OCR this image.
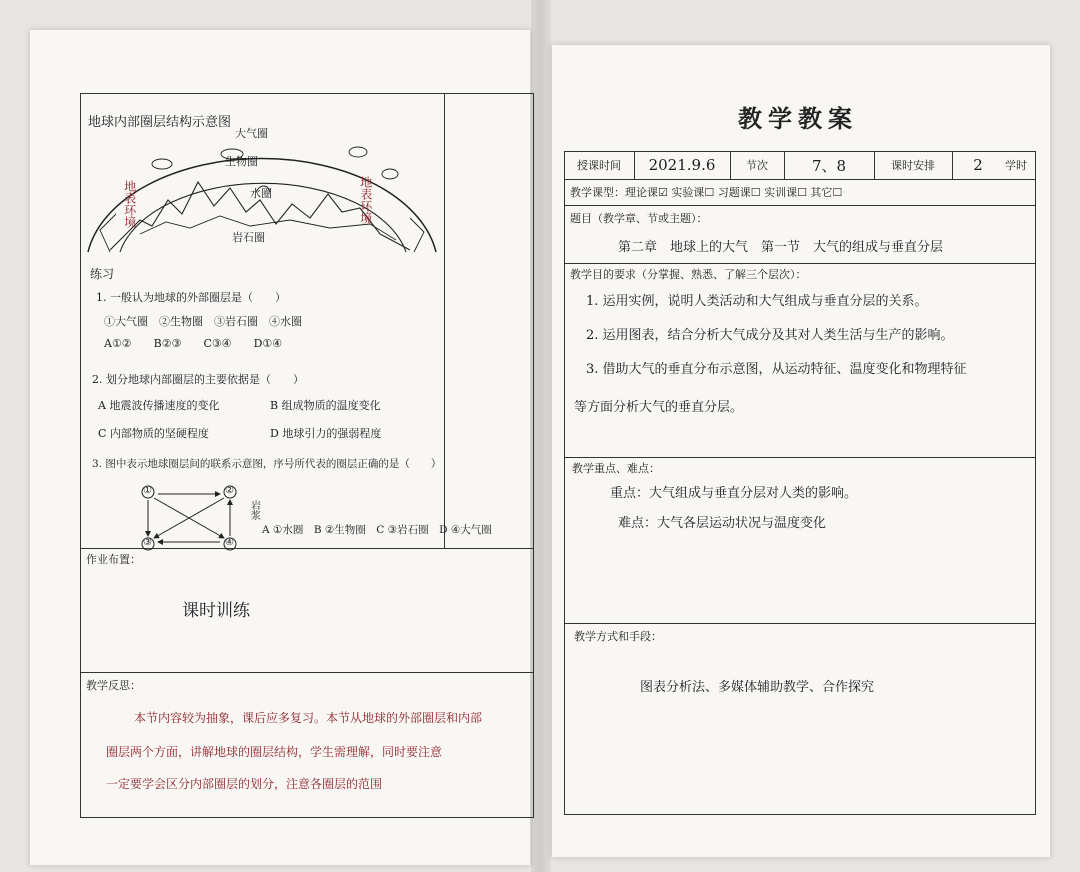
地球内部圈层结构示意图
大气圈
生物圈
水圈
岩石圈
地表环境	地表环境
练习
1. 一般认为地球的外部圈层是（　　）
①大气圈　②生物圈　③岩石圈　④水圈
A①②　　B②③　　C③④　　D①④
2. 划分地球内部圈层的主要依据是（　　）
A 地震波传播速度的变化	B 组成物质的温度变化
C 内部物质的坚硬程度	D 地球引力的强弱程度
3. 图中表示地球圈层间的联系示意图，序号所代表的圈层正确的是（　　）
①	②
③	④
岩浆
A ①水圈　B ②生物圈　C ③岩石圈　D ④大气圈
作业布置：
课时训练
教学反思：
本节内容较为抽象，课后应多复习。本节从地球的外部圈层和内部
圈层两个方面，讲解地球的圈层结构，学生需理解，同时要注意
一定要学会区分内部圈层的划分，注意各圈层的范围
教学教案
授课时间	2021.9.6	节次	7、8	课时安排	2	学时
教学课型：理论课☑ 实验课☐ 习题课☐ 实训课☐ 其它☐
题目（教学章、节或主题）：
第二章　地球上的大气　第一节　大气的组成与垂直分层
教学目的要求（分掌握、熟悉、了解三个层次）：
1. 运用实例，说明人类活动和大气组成与垂直分层的关系。
2. 运用图表，结合分析大气成分及其对人类生活与生产的影响。
3. 借助大气的垂直分布示意图，从运动特征、温度变化和物理特征
等方面分析大气的垂直分层。
教学重点、难点：
重点：大气组成与垂直分层对人类的影响。
难点：大气各层运动状况与温度变化
教学方式和手段：
图表分析法、多媒体辅助教学、合作探究
